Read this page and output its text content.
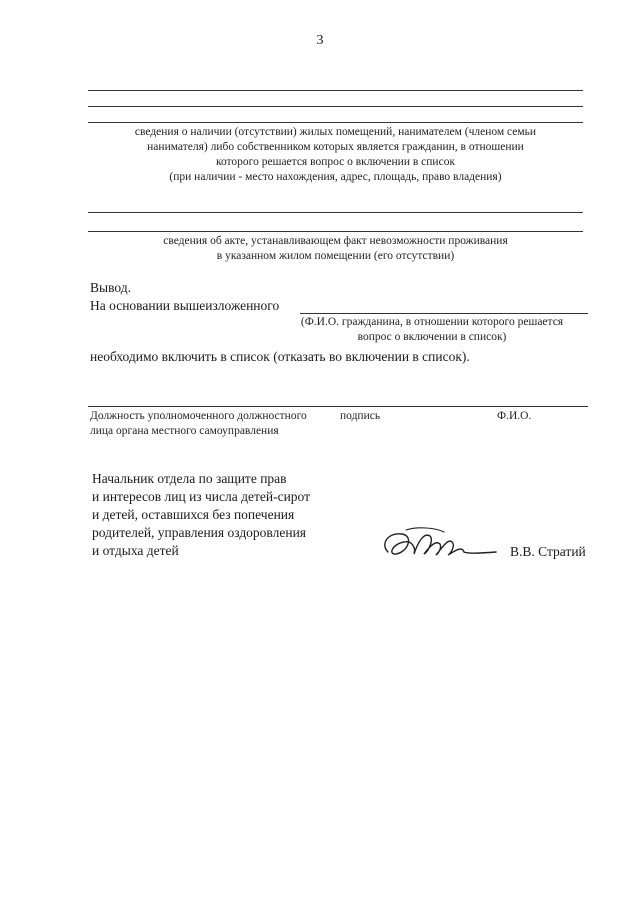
3
сведения о наличии (отсутствии) жилых помещений, нанимателем (членом семьи
нанимателя) либо собственником которых является гражданин, в отношении
которого решается вопрос о включении в список
(при наличии - место нахождения, адрес, площадь, право владения)
сведения об акте, устанавливающем факт невозможности проживания
в указанном жилом помещении (его отсутствии)
Вывод.
На основании вышеизложенного
(Ф.И.О. гражданина, в отношении которого решается
вопрос о включении в список)
необходимо включить в список (отказать во включении в список).
Должность уполномоченного должностного
лица органа местного самоуправления
подпись	Ф.И.О.
Начальник отдела по защите прав
и интересов лиц из числа детей-сирот
и детей, оставшихся без попечения
родителей, управления оздоровления
и отдыха детей	В.В. Стратий
